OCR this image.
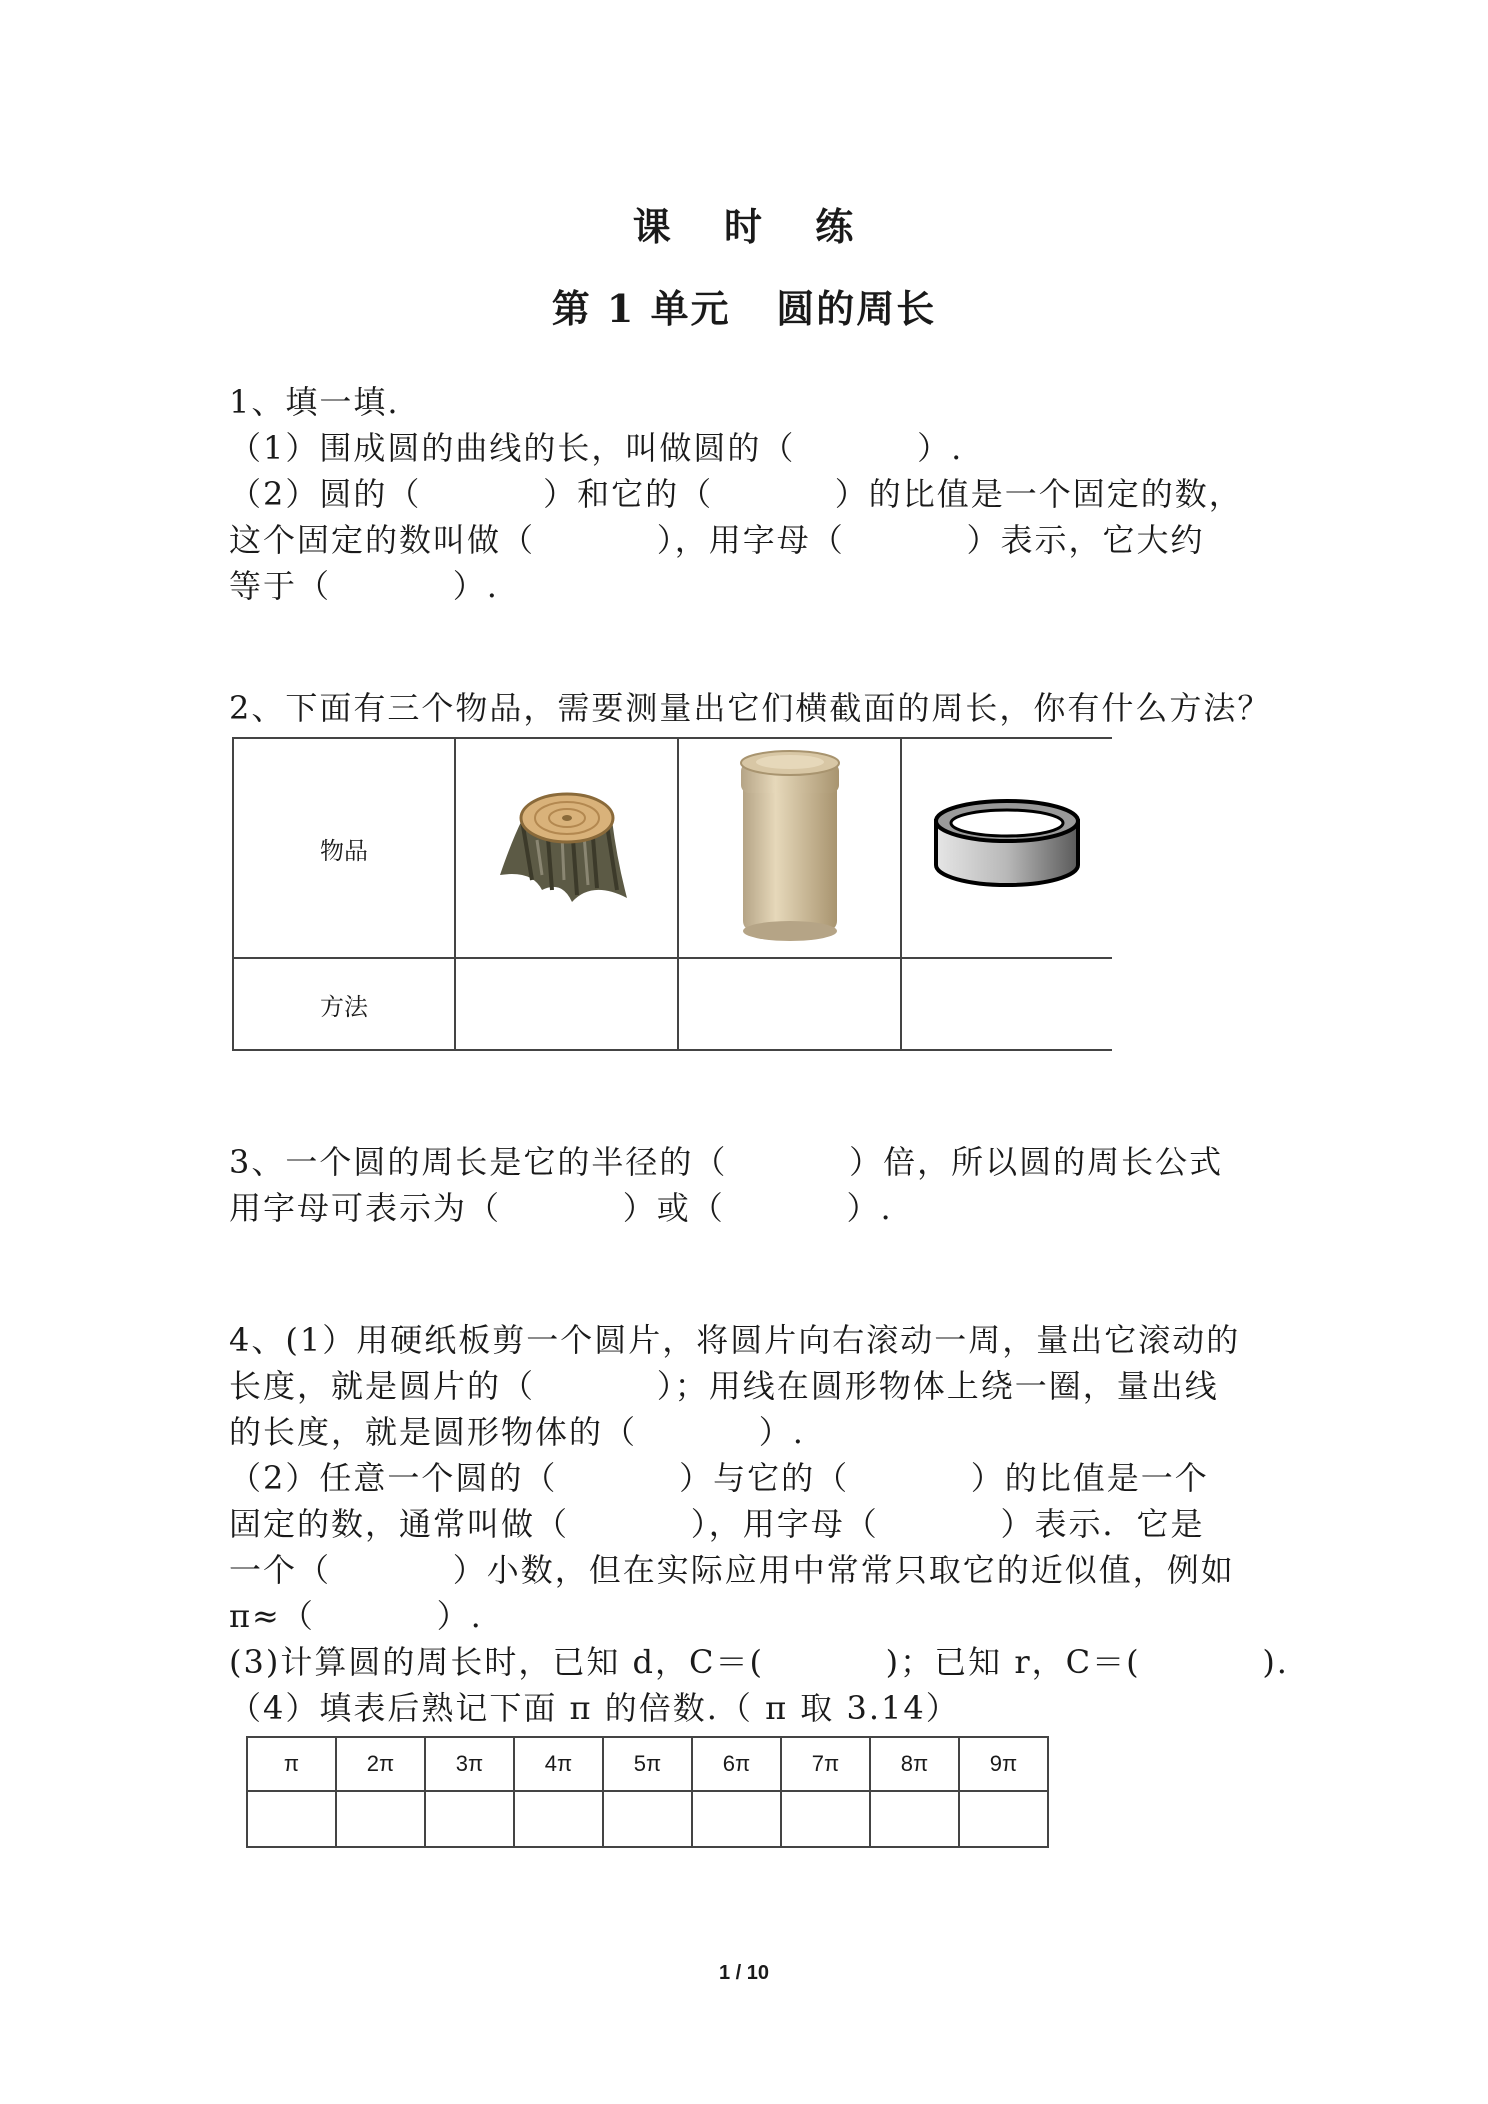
课 时 练
第 1 单元   圆的周长
1、填一填.
（1）围成圆的曲线的长，叫做圆的（          ）.
（2）圆的（          ）和它的（          ）的比值是一个固定的数，
这个固定的数叫做（          ），用字母（          ）表示，它大约
等于（          ）.
2、下面有三个物品，需要测量出它们横截面的周长，你有什么方法？
物品			
方法			
3、一个圆的周长是它的半径的（          ）倍，所以圆的周长公式
用字母可表示为（          ）或（          ）.
4、(1）用硬纸板剪一个圆片，将圆片向右滚动一周，量出它滚动的
长度，就是圆片的（          ）；用线在圆形物体上绕一圈，量出线
的长度，就是圆形物体的（          ）.
（2）任意一个圆的（          ）与它的（          ）的比值是一个
固定的数，通常叫做（          ），用字母（          ）表示．它是
一个（          ）小数，但在实际应用中常常只取它的近似值，例如
π≈（          ）.
(3)计算圆的周长时，已知 d，C＝(          )；已知 r，C＝(          ).
（4）填表后熟记下面 π 的倍数.（ π 取 3.14）
π	2π	3π	4π	5π	6π	7π	8π	9π

1 / 10
